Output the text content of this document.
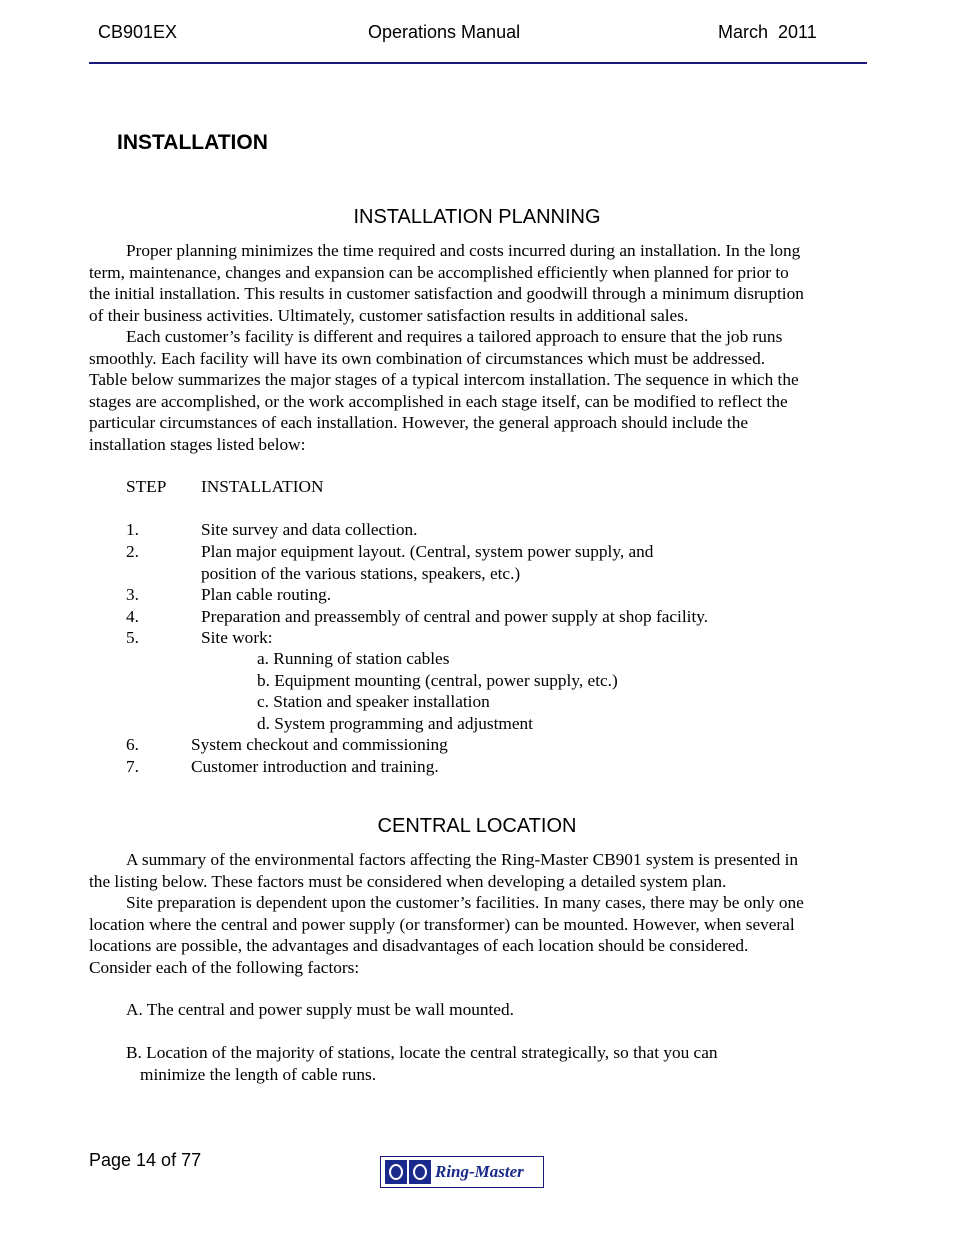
CB901EX	Operations Manual	March  2011
INSTALLATION
INSTALLATION PLANNING
Proper planning minimizes the time required and costs incurred during an installation. In the long
term, maintenance, changes and expansion can be accomplished efficiently when planned for prior to
the initial installation. This results in customer satisfaction and goodwill through a minimum disruption
of their business activities. Ultimately, customer satisfaction results in additional sales.
Each customer’s facility is different and requires a tailored approach to ensure that the job runs
smoothly. Each facility will have its own combination of circumstances which must be addressed.
Table below summarizes the major stages of a typical intercom installation. The sequence in which the
stages are accomplished, or the work accomplished in each stage itself, can be modified to reflect the
particular circumstances of each installation. However, the general approach should include the
installation stages listed below:
STEP INSTALLATION
1.	Site survey and data collection.
2.	Plan major equipment layout. (Central, system power supply, and
position of the various stations, speakers, etc.)
3.	Plan cable routing.
4.	Preparation and preassembly of central and power supply at shop facility.
5.	Site work:
a. Running of station cables
b. Equipment mounting (central, power supply, etc.)
c. Station and speaker installation
d. System programming and adjustment
6.	System checkout and commissioning
7.	Customer introduction and training.
CENTRAL LOCATION
A summary of the environmental factors affecting the Ring-Master CB901 system is presented in
the listing below. These factors must be considered when developing a detailed system plan.
Site preparation is dependent upon the customer’s facilities. In many cases, there may be only one
location where the central and power supply (or transformer) can be mounted. However, when several
locations are possible, the advantages and disadvantages of each location should be considered.
Consider each of the following factors:
A. The central and power supply must be wall mounted.
B. Location of the majority of stations, locate the central strategically, so that you can
minimize the length of cable runs.
Page 14 of 77
Ring-Master
